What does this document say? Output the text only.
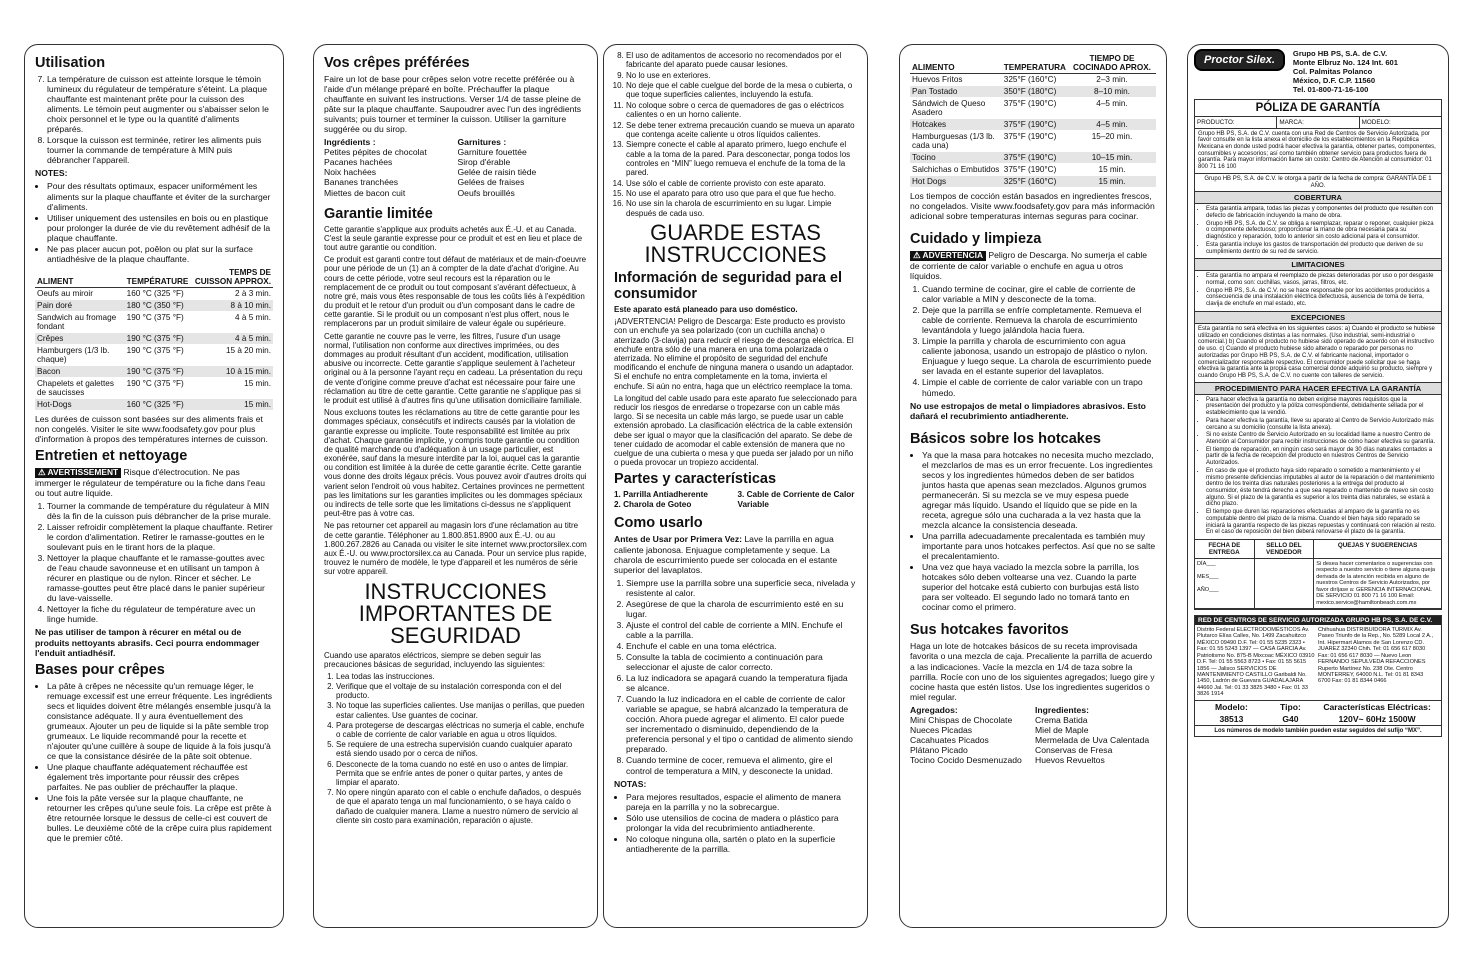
Utilisation
7. La température de cuisson est atteinte lorsque le témoin lumineux du régulateur de température s'éteint. La plaque chauffante est maintenant prête pour la cuisson des aliments. Le témoin peut augmenter ou s'abaisser selon le choix personnel et le type ou la quantité d'aliments préparés.
8. Lorsque la cuisson est terminée, retirer les aliments puis tourner la commande de température à MIN puis débrancher l'appareil.

NOTES:

• Pour des résultats optimaux, espacer uniformément les aliments sur la plaque chauffante et éviter de la surcharger d'aliments.
• Utiliser uniquement des ustensiles en bois ou en plastique pour prolonger la durée de vie du revêtement adhésif de la plaque chauffante.
• Ne pas placer aucun pot, poêlon ou plat sur la surface antiadhésive de la plaque chauffante.
ALIMENT	TEMPÉRATURE	TEMPS DE CUISSON APPROX.
Oeufs au miroir	160 °C (325 °F)	2 à 3 min.
Pain doré	180 °C (350 °F)	8 à 10 min.
Sandwich au fromage fondant	190 °C (375 °F)	4 à 5 min.
Crêpes	190 °C (375 °F)	4 à 5 min.
Hamburgers (1/3 lb. chaque)	190 °C (375 °F)	15 à 20 min.
Bacon	190 °C (375 °F)	10 à 15 min.
Chapelets et galettes de saucisses	190 °C (375 °F)	15 min.
Hot-Dogs	160 °C (325 °F)	15 min.

Les durées de cuisson sont basées sur des aliments frais et non congelés. Visiter le site www.foodsafety.gov pour plus d'information à propos des températures internes de cuisson.

Entretien et nettoyage

⚠ AVERTISSEMENT Risque d'électrocution. Ne pas immerger le régulateur de température ou la fiche dans l'eau ou tout autre liquide.

1. Tourner la commande de température du régulateur à MIN dès la fin de la cuisson puis débrancher de la prise murale.
2. Laisser refroidir complètement la plaque chauffante. Retirer le cordon d'alimentation. Retirer le ramasse-gouttes en le soulevant puis en le tirant hors de la plaque.
3. Nettoyer la plaque chauffante et le ramasse-gouttes avec de l'eau chaude savonneuse et en utilisant un tampon à récurer en plastique ou de nylon. Rincer et sécher. Le ramasse-gouttes peut être placé dans le panier supérieur du lave-vaisselle.
4. Nettoyer la fiche du régulateur de température avec un linge humide.

Ne pas utiliser de tampon à récurer en métal ou de produits nettoyants abrasifs. Ceci pourra endommager l'enduit antiadhésif.

Bases pour crêpes
• La pâte à crêpes ne nécessite qu'un remuage léger, le remuage excessif est une erreur fréquente. Les ingrédients secs et liquides doivent être mélangés ensemble jusqu'à la consistance adéquate. Il y aura éventuellement des grumeaux. Ajouter un peu de liquide si la pâte semble trop grumeaux. Le liquide recommandé pour la recette et n'ajouter qu'une cuillère à soupe de liquide à la fois jusqu'à ce que la consistance désirée de la pâte soit obtenue.
• Une plaque chauffante adéquatement réchauffée est également très importante pour réussir des crêpes parfaites. Ne pas oublier de préchauffer la plaque.
• Une fois la pâte versée sur la plaque chauffante, ne retourner les crêpes qu'une seule fois. La crêpe est prête à être retournée lorsque le dessus de celle-ci est couvert de bulles. Le deuxième côté de la crêpe cuira plus rapidement que le premier côté.
Vos crêpes préférées

Faire un lot de base pour crêpes selon votre recette préférée ou à l'aide d'un mélange préparé en boîte. Préchauffer la plaque chauffante en suivant les instructions. Verser 1/4 de tasse pleine de pâte sur la plaque chauffante. Saupoudrer avec l'un des ingrédients suivants; puis tourner et terminer la cuisson. Utiliser la garniture suggérée ou du sirop.

Ingrédients :
Petites pépites de chocolat
Pacanes hachées
Noix hachées
Bananes tranchées
Miettes de bacon cuit
Garnitures :
Garniture fouettée
Sirop d'érable
Gelée de raisin tiède
Gelées de fraises
Oeufs brouillés
Garantie limitée

Cette garantie s'applique aux produits achetés aux É.-U. et au Canada. C'est la seule garantie expresse pour ce produit et est en lieu et place de tout autre garantie ou condition.

Ce produit est garanti contre tout défaut de matériaux et de main-d'oeuvre pour une période de un (1) an à compter de la date d'achat d'origine. Au cours de cette période, votre seul recours est la réparation ou le remplacement de ce produit ou tout composant s'avérant défectueux, à notre gré, mais vous êtes responsable de tous les coûts liés à l'expédition du produit et le retour d'un produit ou d'un composant dans le cadre de cette garantie. Si le produit ou un composant n'est plus offert, nous le remplacerons par un produit similaire de valeur égale ou supérieure.

Cette garantie ne couvre pas le verre, les filtres, l'usure d'un usage normal, l'utilisation non conforme aux directives imprimées, ou des dommages au produit résultant d'un accident, modification, utilisation abusive ou incorrecte. Cette garantie s'applique seulement à l'acheteur original ou à la personne l'ayant reçu en cadeau. La présentation du reçu de vente d'origine comme preuve d'achat est nécessaire pour faire une réclamation au titre de cette garantie. Cette garantie ne s'applique pas si le produit est utilisé à d'autres fins qu'une utilisation domiciliaire familiale.

Nous excluons toutes les réclamations au titre de cette garantie pour les dommages spéciaux, consécutifs et indirects causés par la violation de garantie expresse ou implicite. Toute responsabilité est limitée au prix d'achat. Chaque garantie implicite, y compris toute garantie ou condition de qualité marchande ou d'adéquation à un usage particulier, est exonérée, sauf dans la mesure interdite par la loi, auquel cas la garantie ou condition est limitée à la durée de cette garantie écrite. Cette garantie vous donne des droits légaux précis. Vous pouvez avoir d'autres droits qui varient selon l'endroit où vous habitez. Certaines provinces ne permettent pas les limitations sur les garanties implicites ou les dommages spéciaux ou indirects de telle sorte que les limitations ci-dessus ne s'appliquent peut-être pas à votre cas.

Ne pas retourner cet appareil au magasin lors d'une réclamation au titre de cette garantie. Téléphoner au 1.800.851.8900 aux É.-U. ou au 1.800.267.2826 au Canada ou visiter le site internet www.proctorsilex.com aux É.-U. ou www.proctorsilex.ca au Canada. Pour un service plus rapide, trouvez le numéro de modèle, le type d'appareil et les numéros de série sur votre appareil.

INSTRUCCIONES IMPORTANTES DE SEGURIDAD

Cuando use aparatos eléctricos, siempre se deben seguir las precauciones básicas de seguridad, incluyendo las siguientes:

1. Lea todas las instrucciones.
2. Verifique que el voltaje de su instalación corresponda con el del producto.
3. No toque las superficies calientes. Use manijas o perillas, que pueden estar calientes. Use guantes de cocinar.
4. Para protegerse de descargas eléctricas no sumerja el cable, enchufe o cable de corriente de calor variable en agua u otros líquidos.
5. Se requiere de una estrecha supervisión cuando cualquier aparato está siendo usado por o cerca de niños.
6. Desconecte de la toma cuando no esté en uso o antes de limpiar. Permita que se enfríe antes de poner o quitar partes, y antes de limpiar el aparato.
7. No opere ningún aparato con el cable o enchufe dañados, o después de que el aparato tenga un mal funcionamiento, o se haya caído o dañado de cualquier manera. Llame a nuestro número de servicio al cliente sin costo para examinación, reparación o ajuste.
8. El uso de aditamentos de accesorio no recomendados por el fabricante del aparato puede causar lesiones.
9. No lo use en exteriores.
10. No deje que el cable cuelgue del borde de la mesa o cubierta, o que toque superficies calientes, incluyendo la estufa.
11. No coloque sobre o cerca de quemadores de gas o eléctricos calientes o en un horno caliente.
12. Se debe tener extrema precaución cuando se mueva un aparato que contenga aceite caliente u otros líquidos calientes.
13. Siempre conecte el cable al aparato primero, luego enchufe el cable a la toma de la pared. Para desconectar, ponga todos los controles en “MIN” luego remueva el enchufe de la toma de la pared.
14. Use sólo el cable de corriente provisto con este aparato.
15. No use el aparato para otro uso que para el que fue hecho.
16. No use sin la charola de escurrimiento en su lugar. Limpie después de cada uso.
GUARDE ESTAS INSTRUCCIONES
Información de seguridad para el consumidor

Este aparato está planeado para uso doméstico.

¡ADVERTENCIA! Peligro de Descarga: Este producto es provisto con un enchufe ya sea polarizado (con un cuchilla ancha) o aterrizado (3-clavija) para reducir el riesgo de descarga eléctrica. El enchufe entra sólo de una manera en una toma polarizada o aterrizada. No elimine el propósito de seguridad del enchufe modificando el enchufe de ninguna manera o usando un adaptador. Si el enchufe no entra completamente en la toma, invierta el enchufe. Si aún no entra, haga que un eléctrico reemplace la toma.

La longitud del cable usado para este aparato fue seleccionado para reducir los riesgos de enredarse o tropezarse con un cable más largo. Si se necesita un cable más largo, se puede usar un cable extensión aprobado. La clasificación eléctrica de la cable extensión debe ser igual o mayor que la clasificación del aparato. Se debe de tener cuidado de acomodar el cable extensión de manera que no cuelgue de una cubierta o mesa y que pueda ser jalado por un niño o pueda provocar un tropiezo accidental.

Partes y características
1. Parrilla Antiadherente
2. Charola de Goteo
3. Cable de Corriente de Calor Variable
Como usarlo

Antes de Usar por Primera Vez: Lave la parrilla en agua caliente jabonosa. Enjuague completamente y seque. La charola de escurrimiento puede ser colocada en el estante superior del lavaplatos.

1. Siempre use la parrilla sobre una superficie seca, nivelada y resistente al calor.
2. Asegúrese de que la charola de escurrimiento esté en su lugar.
3. Ajuste el control del cable de corriente a MIN. Enchufe el cable a la parrilla.
4. Enchufe el cable en una toma eléctrica.
5. Consulte la tabla de cocimiento a continuación para seleccionar el ajuste de calor correcto.
6. La luz indicadora se apagará cuando la temperatura fijada se alcance.
7. Cuando la luz indicadora en el cable de corriente de calor variable se apague, se habrá alcanzado la temperatura de cocción. Ahora puede agregar el alimento. El calor puede ser incrementado o disminuido, dependiendo de la preferencia personal y el tipo o cantidad de alimento siendo preparado.
8. Cuando termine de cocer, remueva el alimento, gire el control de temperatura a MIN, y desconecte la unidad.

NOTAS:

• Para mejores resultados, espacie el alimento de manera pareja en la parrilla y no la sobrecargue.
• Sólo use utensilios de cocina de madera o plástico para prolongar la vida del recubrimiento antiadherente.
• No coloque ninguna olla, sartén o plato en la superficie antiadherente de la parrilla.
ALIMENTO	TEMPERATURA	TIEMPO DE COCINADO APROX.
Huevos Fritos	325°F (160°C)	2–3 min.
Pan Tostado	350°F (180°C)	8–10 min.
Sándwich de Queso Asadero	375°F (190°C)	4–5 min.
Hotcakes	375°F (190°C)	4–5 min.
Hamburguesas (1/3 lb. cada una)	375°F (190°C)	15–20 min.
Tocino	375°F (190°C)	10–15 min.
Salchichas o Embutidos	375°F (190°C)	15 min.
Hot Dogs	325°F (160°C)	15 min.

Los tiempos de cocción están basados en ingredientes frescos, no congelados. Visite www.foodsafety.gov para más información adicional sobre temperaturas internas seguras para cocinar.

Cuidado y limpieza

⚠ ADVERTENCIA Peligro de Descarga. No sumerja el cable de corriente de calor variable o enchufe en agua u otros líquidos.

1. Cuando termine de cocinar, gire el cable de corriente de calor variable a MIN y desconecte de la toma.
2. Deje que la parrilla se enfríe completamente. Remueva el cable de corriente. Remueva la charola de escurrimiento levantándola y luego jalándola hacia fuera.
3. Limpie la parrilla y charola de escurrimiento con agua caliente jabonosa, usando un estropajo de plástico o nylon. Enjuague y luego seque. La charola de escurrimiento puede ser lavada en el estante superior del lavaplatos.
4. Limpie el cable de corriente de calor variable con un trapo húmedo.

No use estropajos de metal o limpiadores abrasivos. Esto dañará el recubrimiento antiadherente.

Básicos sobre los hotcakes
• Ya que la masa para hotcakes no necesita mucho mezclado, el mezclarlos de mas es un error frecuente. Los ingredientes secos y los ingredientes húmedos deben de ser batidos juntos hasta que apenas sean mezclados. Algunos grumos permanecerán. Si su mezcla se ve muy espesa puede agregar más líquido. Usando el líquido que se pide en la receta, agregue sólo una cucharada a la vez hasta que la mezcla alcance la consistencia deseada.
• Una parrilla adecuadamente precalentada es también muy importante para unos hotcakes perfectos. Así que no se salte el precalentamiento.
• Una vez que haya vaciado la mezcla sobre la parrilla, los hotcakes sólo deben voltearse una vez. Cuando la parte superior del hotcake está cubierto con burbujas está listo para ser volteado. El segundo lado no tomará tanto en cocinar como el primero.
Sus hotcakes favoritos

Haga un lote de hotcakes básicos de su receta improvisada favorita o una mezcla de caja. Precaliente la parrilla de acuerdo a las indicaciones. Vacíe la mezcla en 1/4 de taza sobre la parrilla. Rocíe con uno de los siguientes agregados; luego gire y cocine hasta que estén listos. Use los ingredientes sugeridos o miel regular.

Agregados:
Mini Chispas de Chocolate
Nueces Picadas
Cacahuates Picados
Plátano Picado
Tocino Cocido Desmenuzado
Ingredientes:
Crema Batida
Miel de Maple
Mermelada de Uva Calentada
Conservas de Fresa
Huevos Revueltos
Proctor Silex.
Grupo HB PS, S.A. de C.V.
Monte Elbruz No. 124 Int. 601
Col. Palmitas Polanco
México, D.F. C.P. 11560
Tel. 01-800-71-16-100
PÓLIZA DE GARANTÍA
PRODUCTO:	MARCA:	MODELO:
Grupo HB PS, S.A. de C.V. cuenta con una Red de Centros de Servicio Autorizada, por favor consulte en la lista anexa el domicilio de los establecimientos en la República Mexicana en donde usted podrá hacer efectiva la garantía, obtener partes, componentes, consumibles y accesorios; así como también obtener servicio para productos fuera de garantía. Para mayor información llame sin costo: Centro de Atención al consumidor: 01 800 71 16 100
Grupo HB PS, S.A. de C.V. le otorga a partir de la fecha de compra: GARANTÍA DE 1 AÑO.
COBERTURA
• Esta garantía ampara, todas las piezas y componentes del producto que resulten con defecto de fabricación incluyendo la mano de obra.
• Grupo HB PS, S.A. de C.V. se obliga a reemplazar, reparar o reponer, cualquier pieza o componente defectuoso; proporcionar la mano de obra necesaria para su diagnóstico y reparación, todo lo anterior sin costo adicional para el consumidor.
• Esta garantía incluye los gastos de transportación del producto que deriven de su cumplimiento dentro de su red de servicio.
LIMITACIONES
• Esta garantía no ampara el reemplazo de piezas deterioradas por uso o por desgaste normal, como son: cuchillas, vasos, jarras, filtros, etc.
• Grupo HB PS, S.A. de C.V. no se hace responsable por los accidentes producidos a consecuencia de una instalación eléctrica defectuosa, ausencia de toma de tierra, clavija de enchufe en mal estado, etc.
EXCEPCIONES
Esta garantía no será efectiva en los siguientes casos: a) Cuando el producto se hubiese utilizado en condiciones distintas a las normales. (Uso industrial, semi-industrial o comercial.) b) Cuando el producto no hubiese sido operado de acuerdo con el instructivo de uso. c) Cuando el producto hubiese sido alterado o reparado por personas no autorizadas por Grupo HB PS, S.A. de C.V. el fabricante nacional, importador o comercializador responsable respectivo. El consumidor puede solicitar que se haga efectiva la garantía ante la propia casa comercial donde adquirió su producto, siempre y cuando Grupo HB PS, S.A. de C.V. no cuente con talleres de servicio.
PROCEDIMIENTO PARA HACER EFECTIVA LA GARANTÍA
• Para hacer efectiva la garantía no deben exigirse mayores requisitos que la presentación del producto y la póliza correspondiente, debidamente sellada por el establecimiento que la vendió.
• Para hacer efectiva la garantía, lleve su aparato al Centro de Servicio Autorizado más cercano a su domicilio (consulte la lista anexa).
• Si no existe Centro de Servicio Autorizado en su localidad llame a nuestro Centro de Atención al Consumidor para recibir instrucciones de cómo hacer efectiva su garantía.
• El tiempo de reparación, en ningún caso será mayor de 30 días naturales contados a partir de la fecha de recepción del producto en nuestros Centros de Servicio Autorizados.
• En caso de que el producto haya sido reparado o sometido a mantenimiento y el mismo presente deficiencias imputables al autor de la reparación o del mantenimiento dentro de los treinta días naturales posteriores a la entrega del producto al consumidor, éste tendrá derecho a que sea reparado o mantenido de nuevo sin costo alguno. Si el plazo de la garantía es superior a los treinta días naturales, se estará a dicho plazo.
• El tiempo que duren las reparaciones efectuadas al amparo de la garantía no es computable dentro del plazo de la misma. Cuando el bien haya sido reparado se iniciará la garantía respecto de las piezas repuestas y continuará con relación al resto. En el caso de reposición del bien deberá renovarse el plazo de la garantía.
FECHA DE ENTREGA
SELLO DEL VENDEDOR
QUEJAS Y SUGERENCIAS
DÍA___

MES___

AÑO___
Si desea hacer comentarios o sugerencias con respecto a nuestro servicio o tiene alguna queja derivada de la atención recibida en alguno de nuestros Centros de Servicio Autorizados, por favor diríjase a: GERENCIA INTERNACIONAL DE SERVICIO 01 800 71 16 100 Email: mexico.service@hamiltonbeach.com.mx
RED DE CENTROS DE SERVICIO AUTORIZADA GRUPO HB PS, S.A. DE C.V.
Distrito Federal ELECTRODOMÉSTICOS Av. Plutarco Elías Calles, No. 1499 Zacahuitzco MÉXICO 09490 D.F. Tel: 01 55 5235 2323 • Fax: 01 55 5243 1397 — CASA GARCIA Av. Patriotismo No. 875-B Mixcoac MÉXICO 03910 D.F. Tel: 01 55 5563 8723 • Fax: 01 55 5615 1856 — Jalisco SERVICIOS DE MANTENIMIENTO CASTILLO Garibaldi No. 1450, Ladrón de Guevara GUADALAJARA 44660 Jal. Tel: 01 33 3825 3480 • Fax: 01 33 3826 1914
Chihuahua DISTRIBUIDORA TURMIX Av. Paseo Triunfo de la Rep., No. 5289 Local 2 A., Int. Hipermart Alamos de San Lorenzo CD. JUAREZ 32340 Chih. Tel: 01 656 617 8030 Fax: 01 656 617 8030 — Nuevo Leon FERNANDO SEPULVEDA REFACCIONES Ruperto Martínez No. 238 Ote. Centro MONTERREY, 64000 N.L. Tel: 01 81 8343 6700 Fax: 01 81 8344 0466
Modelo:	Tipo:	Características Eléctricas:
38513	G40	120V~ 60Hz 1500W
Los números de modelo también pueden estar seguidos del sufijo “MX”.
